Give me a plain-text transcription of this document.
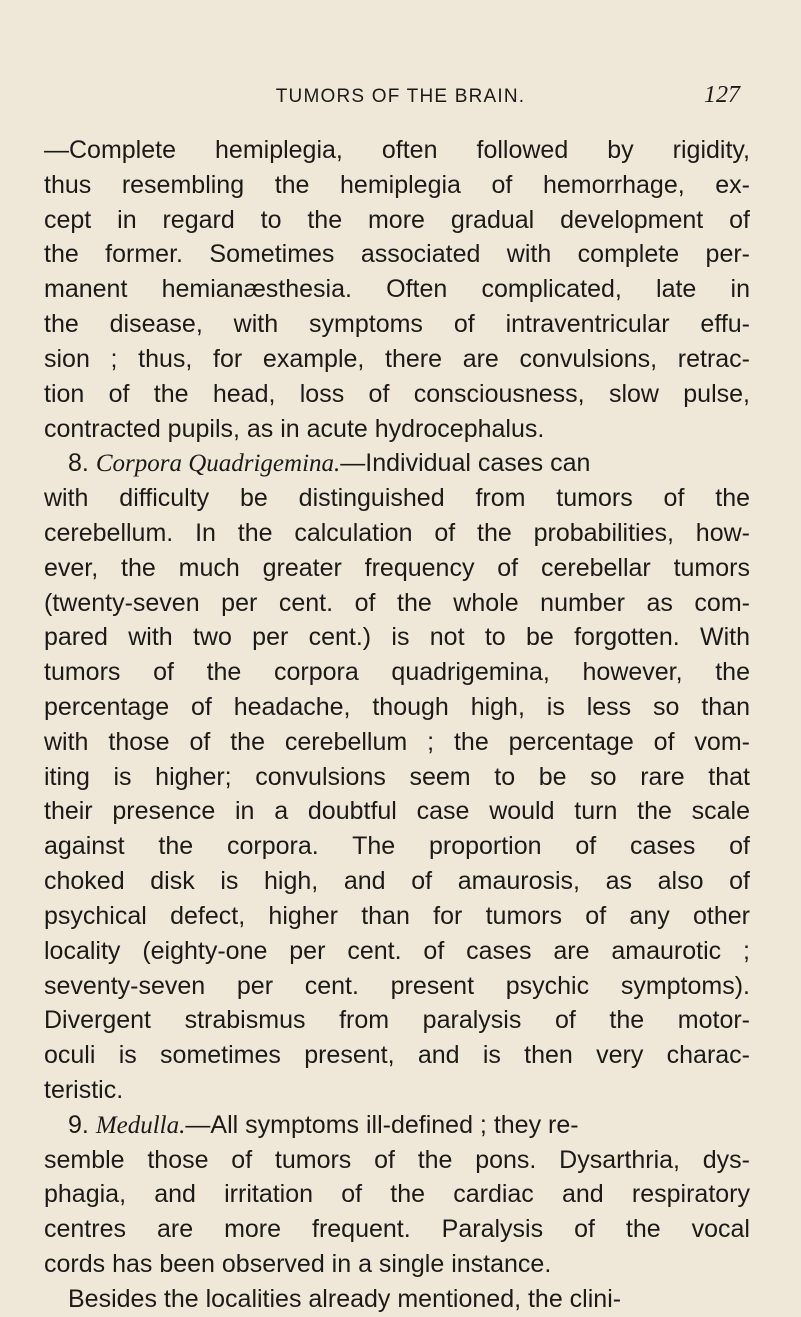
TUMORS OF THE BRAIN.	127
—Complete hemiplegia, often followed by rigidity,
thus resembling the hemiplegia of hemorrhage, ex-
cept in regard to the more gradual development of
the former. Sometimes associated with complete per-
manent hemianæsthesia. Often complicated, late in
the disease, with symptoms of intraventricular effu-
sion ; thus, for example, there are convulsions, retrac-
tion of the head, loss of consciousness, slow pulse,
contracted pupils, as in acute hydrocephalus.
8. Corpora Quadrigemina.—Individual cases can
with difficulty be distinguished from tumors of the
cerebellum. In the calculation of the probabilities, how-
ever, the much greater frequency of cerebellar tumors
(twenty-seven per cent. of the whole number as com-
pared with two per cent.) is not to be forgotten. With
tumors of the corpora quadrigemina, however, the
percentage of headache, though high, is less so than
with those of the cerebellum ; the percentage of vom-
iting is higher; convulsions seem to be so rare that
their presence in a doubtful case would turn the scale
against the corpora. The proportion of cases of
choked disk is high, and of amaurosis, as also of
psychical defect, higher than for tumors of any other
locality (eighty-one per cent. of cases are amaurotic ;
seventy-seven per cent. present psychic symptoms).
Divergent strabismus from paralysis of the motor-
oculi is sometimes present, and is then very charac-
teristic.
9. Medulla.—All symptoms ill-defined ; they re-
semble those of tumors of the pons. Dysarthria, dys-
phagia, and irritation of the cardiac and respiratory
centres are more frequent. Paralysis of the vocal
cords has been observed in a single instance.
Besides the localities already mentioned, the clini-
